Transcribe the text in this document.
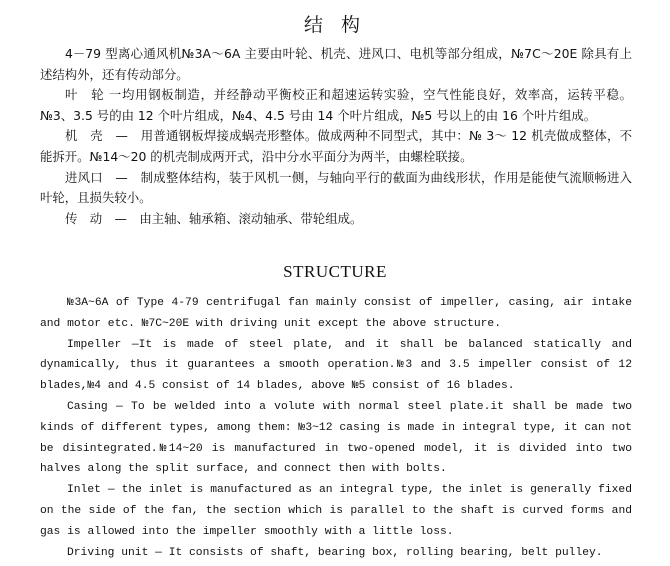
结 构

4－79 型离心通风机№3A～6A 主要由叶轮、机壳、进风口、电机等部分组成，№7C～20E 除具有上述结构外，还有传动部分。

叶　轮 一均用钢板制造，并经静动平衡校正和超速运转实验，空气性能良好，效率高，运转平稳。№3、3.5 号的由 12 个叶片组成，№4、4.5 号由 14 个叶片组成，№5 号以上的由 16 个叶片组成。

机　壳　—　用普通钢板焊接成蜗壳形整体。做成两种不同型式，其中：№ 3～ 12 机壳做成整体，不能拆开。№14～20 的机壳制成两开式，沿中分水平面分为两半，由螺栓联接。

进风口　—　制成整体结构，装于风机一侧，与轴向平行的截面为曲线形状，作用是能使气流顺畅进入叶轮，且损失较小。

传　动　—　由主轴、轴承箱、滚动轴承、带轮组成。

STRUCTURE

№3A~6A of Type 4-79 centrifugal fan mainly consist of impeller, casing, air intake and motor etc. №7C~20E with driving unit except the above structure.

Impeller —It is made of steel plate, and it shall be balanced statically and dynamically, thus it guarantees a smooth operation.№3 and 3.5 impeller consist of 12 blades,№4 and 4.5 consist of 14 blades, above №5 consist of 16 blades.

Casing — To be welded into a volute with normal steel plate.it shall be made two kinds of different types, among them: №3~12 casing is made in integral type, it can not be disintegrated.№14~20 is manufactured in two-opened model, it is divided into two halves along the split surface, and connect then with bolts.

Inlet — the inlet is manufactured as an integral type, the inlet is generally fixed on the side of the fan, the section which is parallel to the shaft is curved forms and gas is allowed into the impeller smoothly with a little loss.

Driving unit — It consists of shaft, bearing box, rolling bearing, belt pulley.
